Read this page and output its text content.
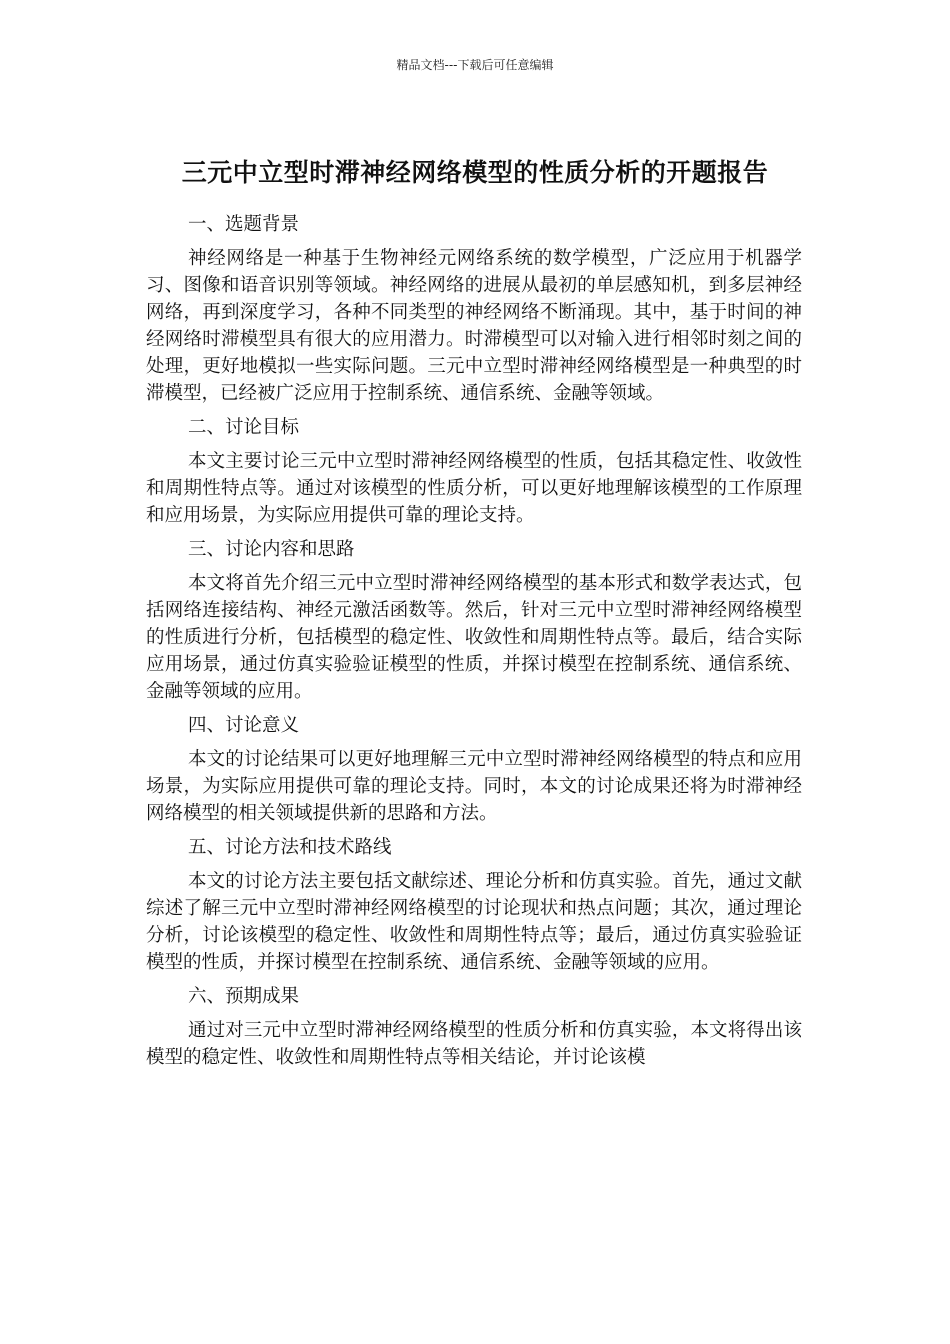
精品文档---下载后可任意编辑
三元中立型时滞神经网络模型的性质分析的开题报告
一、选题背景

神经网络是一种基于生物神经元网络系统的数学模型，广泛应用于机器学习、图像和语音识别等领域。神经网络的进展从最初的单层感知机，到多层神经网络，再到深度学习，各种不同类型的神经网络不断涌现。其中，基于时间的神经网络时滞模型具有很大的应用潜力。时滞模型可以对输入进行相邻时刻之间的处理，更好地模拟一些实际问题。三元中立型时滞神经网络模型是一种典型的时滞模型，已经被广泛应用于控制系统、通信系统、金融等领域。

二、讨论目标

本文主要讨论三元中立型时滞神经网络模型的性质，包括其稳定性、收敛性和周期性特点等。通过对该模型的性质分析，可以更好地理解该模型的工作原理和应用场景，为实际应用提供可靠的理论支持。

三、讨论内容和思路

本文将首先介绍三元中立型时滞神经网络模型的基本形式和数学表达式，包括网络连接结构、神经元激活函数等。然后，针对三元中立型时滞神经网络模型的性质进行分析，包括模型的稳定性、收敛性和周期性特点等。最后，结合实际应用场景，通过仿真实验验证模型的性质，并探讨模型在控制系统、通信系统、金融等领域的应用。

四、讨论意义

本文的讨论结果可以更好地理解三元中立型时滞神经网络模型的特点和应用场景，为实际应用提供可靠的理论支持。同时，本文的讨论成果还将为时滞神经网络模型的相关领域提供新的思路和方法。

五、讨论方法和技术路线

本文的讨论方法主要包括文献综述、理论分析和仿真实验。首先，通过文献综述了解三元中立型时滞神经网络模型的讨论现状和热点问题；其次，通过理论分析，讨论该模型的稳定性、收敛性和周期性特点等；最后，通过仿真实验验证模型的性质，并探讨模型在控制系统、通信系统、金融等领域的应用。

六、预期成果

通过对三元中立型时滞神经网络模型的性质分析和仿真实验，本文将得出该模型的稳定性、收敛性和周期性特点等相关结论，并讨论该模
